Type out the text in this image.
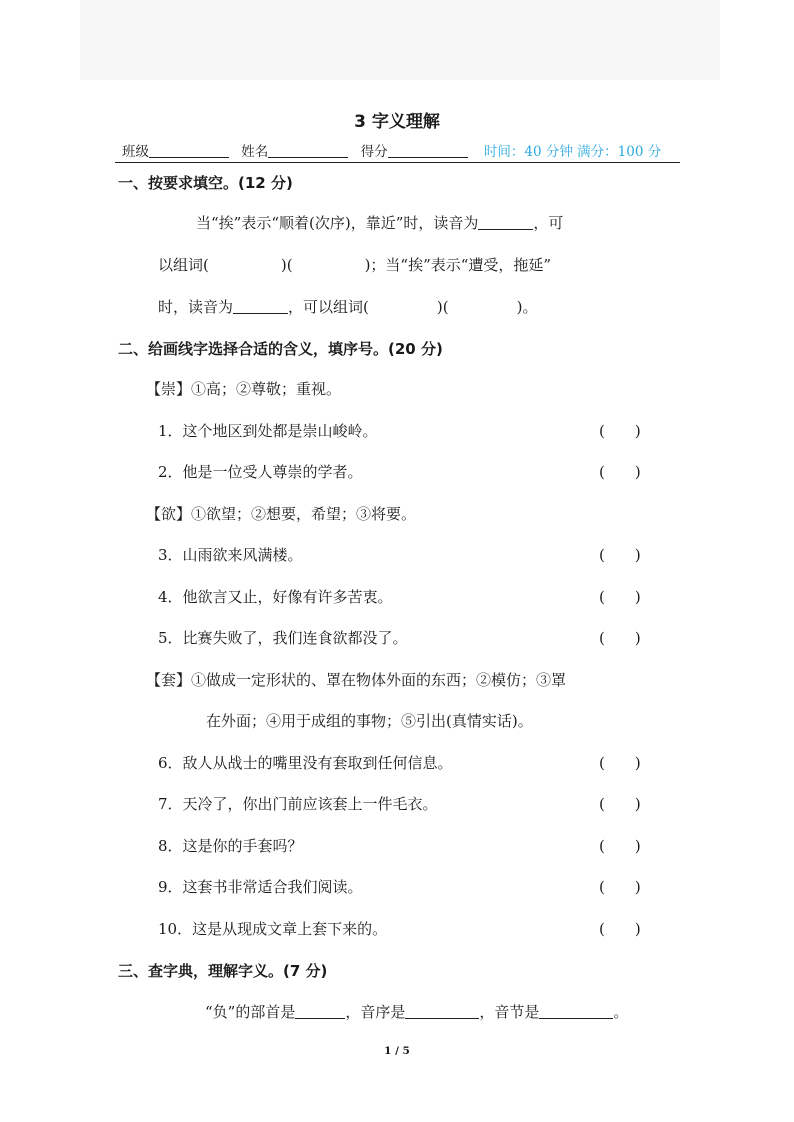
3 字义理解
班级	姓名	得分	时间：40 分钟 满分：100 分
一、按要求填空。(12 分)
当“挨”表示“顺着(次序)，靠近”时，读音为	，可
以组词(	)(	)；当“挨”表示“遭受，拖延”
时，读音为	，可以组词(	)(	)。
二、给画线字选择合适的含义，填序号。(20 分)
【崇】①高；②尊敬；重视。
1．这个地区到处都是崇山峻岭。	(　　)
2．他是一位受人尊崇的学者。	(　　)
【欲】①欲望；②想要，希望；③将要。
3．山雨欲来风满楼。	(　　)
4．他欲言又止，好像有许多苦衷。	(　　)
5．比赛失败了，我们连食欲都没了。	(　　)
【套】①做成一定形状的、罩在物体外面的东西；②模仿；③罩
在外面；④用于成组的事物；⑤引出(真情实话)。
6．敌人从战士的嘴里没有套取到任何信息。	(　　)
7．天冷了，你出门前应该套上一件毛衣。	(　　)
8．这是你的手套吗？	(　　)
9．这套书非常适合我们阅读。	(　　)
10．这是从现成文章上套下来的。	(　　)
三、查字典，理解字义。(7 分)
“负”的部首是	，音序是	，音节是	。
1 / 5
